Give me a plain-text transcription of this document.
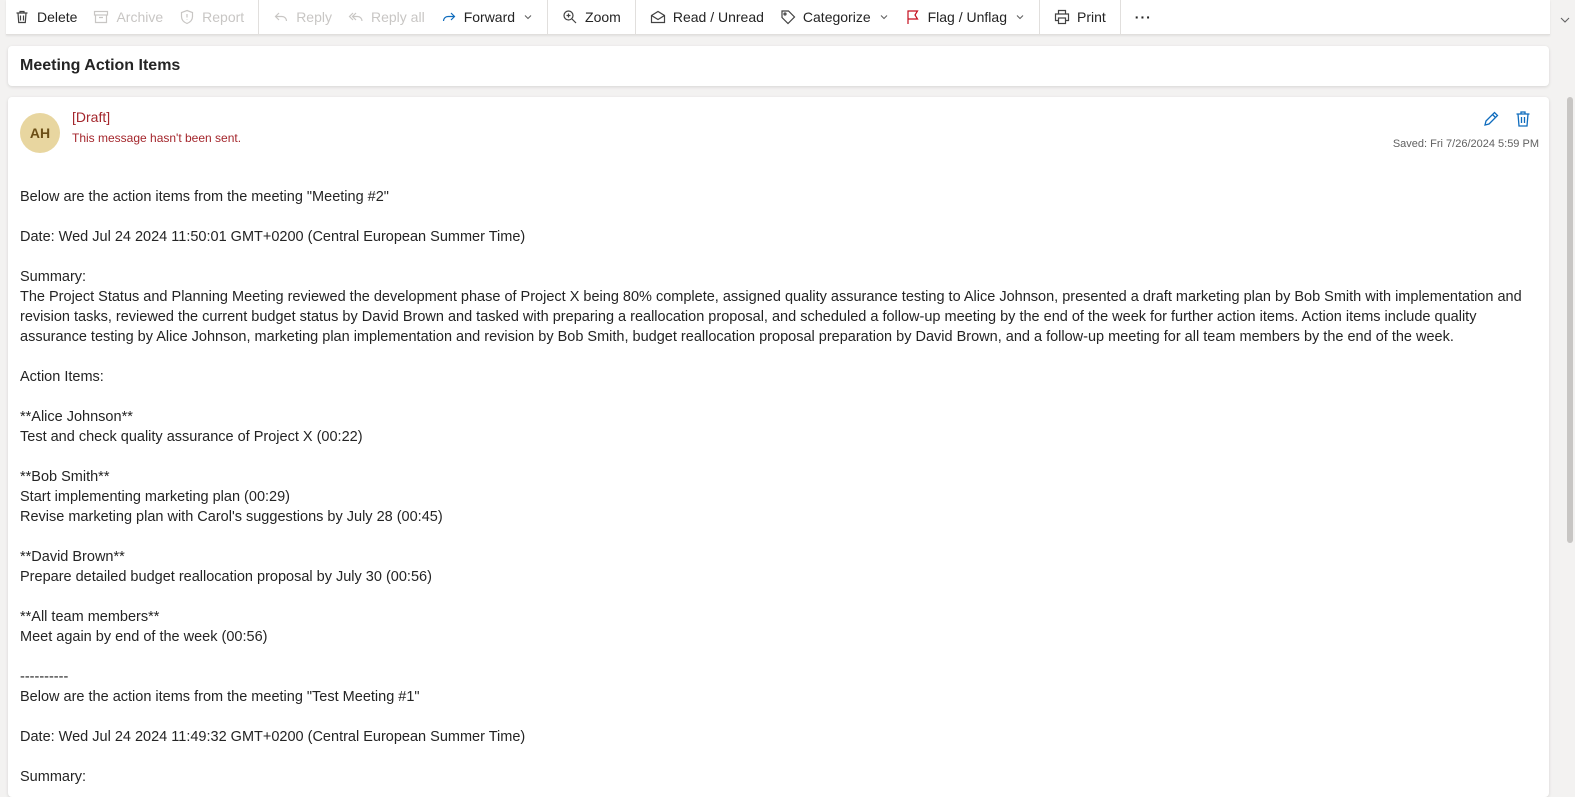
Delete	Archive	Report	Reply	Reply all	Forward	Zoom	Read / Unread	Categorize	Flag / Unflag	Print ···
Meeting Action Items
AH
[Draft]
This message hasn't been sent.	Saved: Fri 7/26/2024 5:59 PM

Below are the action items from the meeting "Meeting #2"

Date: Wed Jul 24 2024 11:50:01 GMT+0200 (Central European Summer Time)

Summary:

The Project Status and Planning Meeting reviewed the development phase of Project X being 80% complete, assigned quality assurance testing to Alice Johnson, presented a draft marketing plan by Bob Smith with implementation and revision tasks, reviewed the current budget status by David Brown and tasked with preparing a reallocation proposal, and scheduled a follow-up meeting by the end of the week for further action items. Action items include quality assurance testing by Alice Johnson, marketing plan implementation and revision by Bob Smith, budget reallocation proposal preparation by David Brown, and a follow-up meeting for all team members by the end of the week.

Action Items:

**Alice Johnson**

Test and check quality assurance of Project X (00:22)

**Bob Smith**

Start implementing marketing plan (00:29)

Revise marketing plan with Carol's suggestions by July 28 (00:45)

**David Brown**

Prepare detailed budget reallocation proposal by July 30 (00:56)

**All team members**

Meet again by end of the week (00:56)

----------

Below are the action items from the meeting "Test Meeting #1"

Date: Wed Jul 24 2024 11:49:32 GMT+0200 (Central European Summer Time)

Summary:
